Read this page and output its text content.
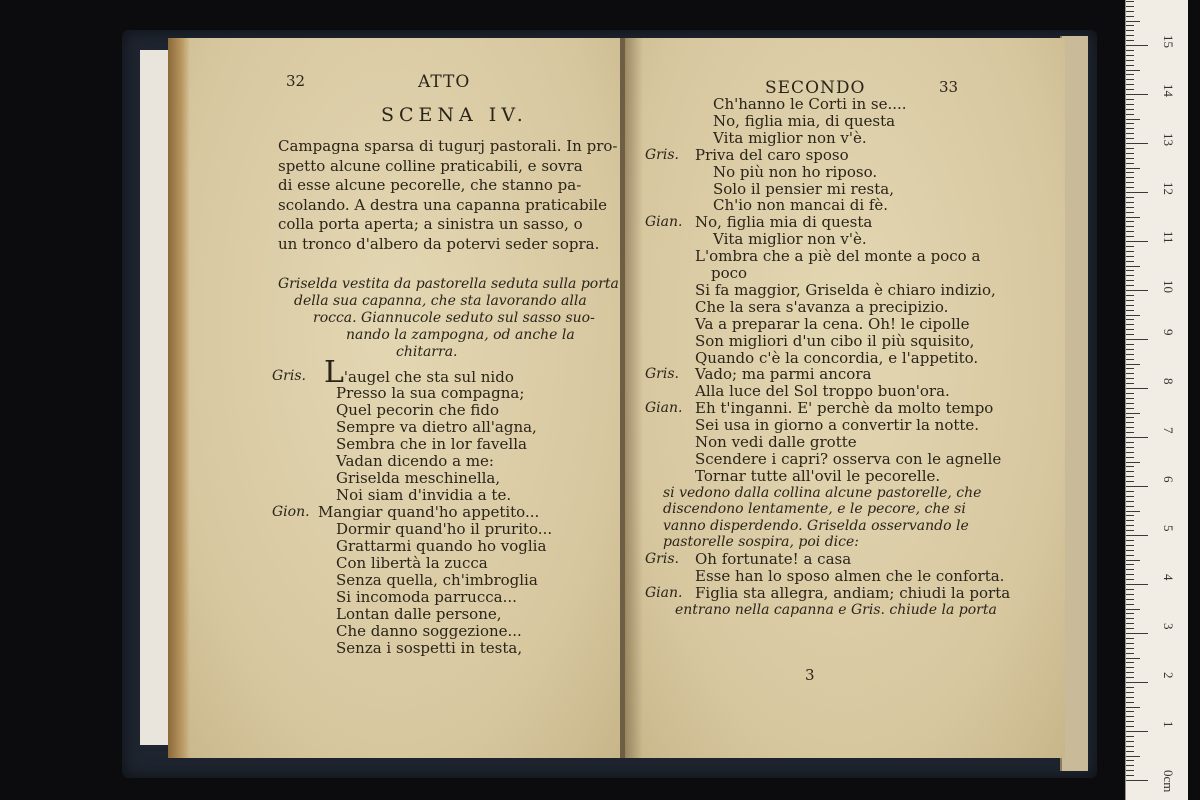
32	ATTO
SCENA IV.
Campagna sparsa di tugurj pastorali. In pro-
spetto alcune colline praticabili, e sovra
di esse alcune pecorelle, che stanno pa-
scolando. A destra una capanna praticabile
colla porta aperta; a sinistra un sasso, o
un tronco d'albero da potervi seder sopra.
Griselda vestita da pastorella seduta sulla porta
della sua capanna, che sta lavorando alla
rocca. Giannucole seduto sul sasso suo-
nando la zampogna, od anche la
chitarra.
Gris. L'augel che sta sul nido
Presso la sua compagna;
Quel pecorin che fido
Sempre va dietro all'agna,
Sembra che in lor favella
Vadan dicendo a me:
Griselda meschinella,
Noi siam d'invidia a te.
Gion. Mangiar quand'ho appetito...
Dormir quand'ho il prurito...
Grattarmi quando ho voglia
Con libertà la zucca
Senza quella, ch'imbroglia
Si incomoda parrucca...
Lontan dalle persone,
Che danno soggezione...
Senza i sospetti in testa,
SECONDO	33
Ch'hanno le Corti in se....
No, figlia mia, di questa
Vita miglior non v'è.
Gris. Priva del caro sposo
No più non ho riposo.
Solo il pensier mi resta,
Ch'io non mancai di fè.
Gian. No, figlia mia di questa
Vita miglior non v'è.
L'ombra che a piè del monte a poco a
poco
Si fa maggior, Griselda è chiaro indizio,
Che la sera s'avanza a precipizio.
Va a preparar la cena. Oh! le cipolle
Son migliori d'un cibo il più squisito,
Quando c'è la concordia, e l'appetito.
Gris. Vado; ma parmi ancora
Alla luce del Sol troppo buon'ora.
Gian. Eh t'inganni. E' perchè da molto tempo
Sei usa in giorno a convertir la notte.
Non vedi dalle grotte
Scendere i capri? osserva con le agnelle
Tornar tutte all'ovil le pecorelle.
si vedono dalla collina alcune pastorelle, che
discendono lentamente, e le pecore, che si
vanno disperdendo. Griselda osservando le
pastorelle sospira, poi dice:
Gris. Oh fortunate! a casa
Esse han lo sposo almen che le conforta.
Gian. Figlia sta allegra, andiam; chiudi la porta
entrano nella capanna e Gris. chiude la porta
3
15
14
13
12
11
10
9
8
7
6
5
4
3
2
1
0cm
